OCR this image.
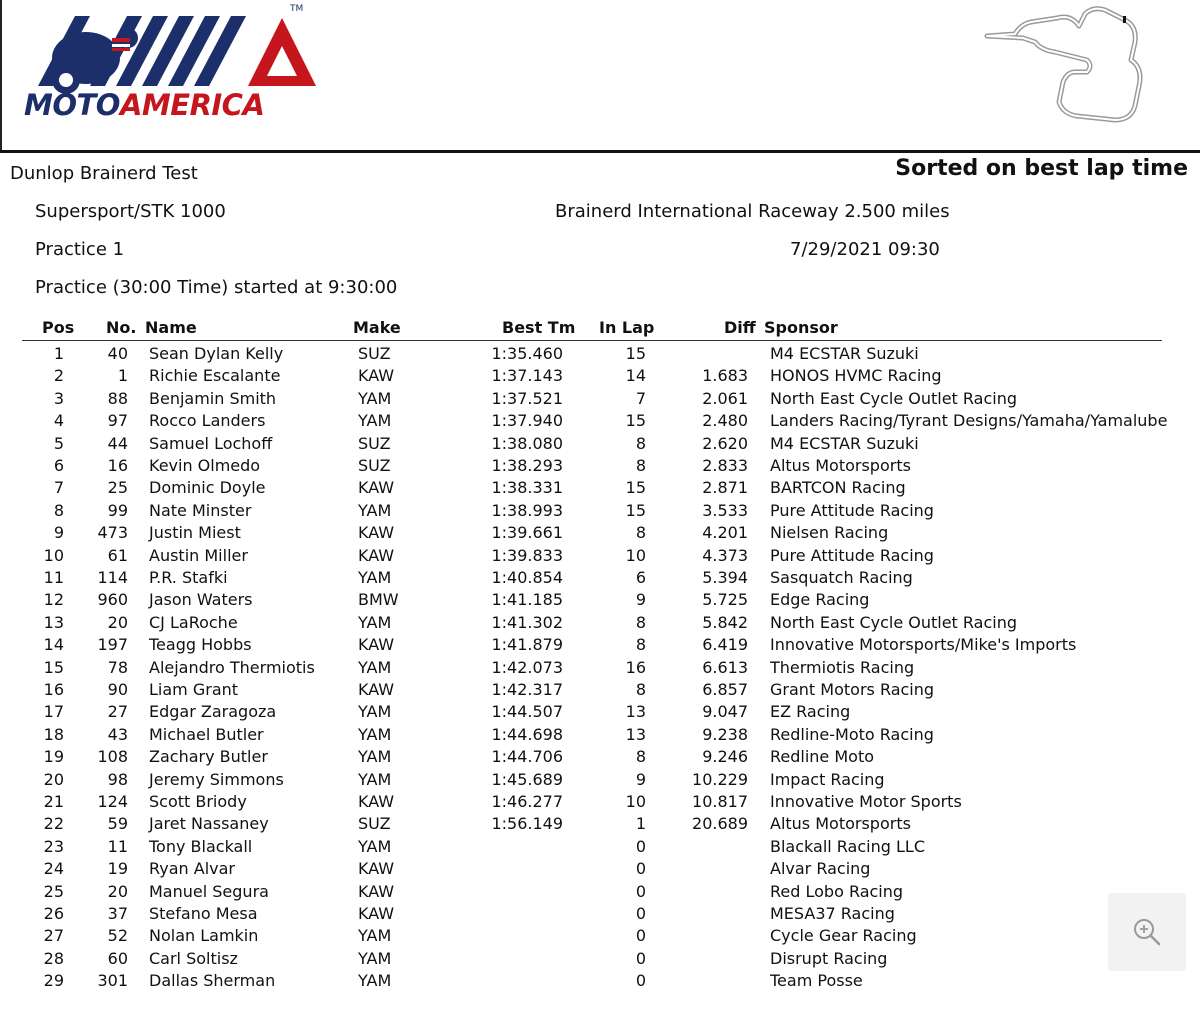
TM
MOTOAMERICA
Dunlop Brainerd Test	Sorted on best lap time
Supersport/STK 1000	Brainerd International Raceway 2.500 miles
Practice 1	7/29/2021 09:30
Practice (30:00 Time) started at 9:30:00
Pos No. Name	Make	Best Tm In Lap	Diff Sponsor
1	40 Sean Dylan Kelly	SUZ	1:35.460	15	M4 ECSTAR Suzuki
2	1 Richie Escalante	KAW	1:37.143	14	1.683 HONOS HVMC Racing
3	88 Benjamin Smith	YAM	1:37.521	7	2.061 North East Cycle Outlet Racing
4	97 Rocco Landers	YAM	1:37.940	15	2.480 Landers Racing/Tyrant Designs/Yamaha/Yamalube
5	44 Samuel Lochoff	SUZ	1:38.080	8	2.620 M4 ECSTAR Suzuki
6	16 Kevin Olmedo	SUZ	1:38.293	8	2.833 Altus Motorsports
7	25 Dominic Doyle	KAW	1:38.331	15	2.871 BARTCON Racing
8	99 Nate Minster	YAM	1:38.993	15	3.533 Pure Attitude Racing
9	473 Justin Miest	KAW	1:39.661	8	4.201 Nielsen Racing
10	61 Austin Miller	KAW	1:39.833	10	4.373 Pure Attitude Racing
11	114 P.R. Stafki	YAM	1:40.854	6	5.394 Sasquatch Racing
12	960 Jason Waters	BMW	1:41.185	9	5.725 Edge Racing
13	20 CJ LaRoche	YAM	1:41.302	8	5.842 North East Cycle Outlet Racing
14	197 Teagg Hobbs	KAW	1:41.879	8	6.419 Innovative Motorsports/Mike's Imports
15	78 Alejandro Thermiotis	YAM	1:42.073	16	6.613 Thermiotis Racing
16	90 Liam Grant	KAW	1:42.317	8	6.857 Grant Motors Racing
17	27 Edgar Zaragoza	YAM	1:44.507	13	9.047 EZ Racing
18	43 Michael Butler	YAM	1:44.698	13	9.238 Redline-Moto Racing
19	108 Zachary Butler	YAM	1:44.706	8	9.246 Redline Moto
20	98 Jeremy Simmons	YAM	1:45.689	9	10.229 Impact Racing
21	124 Scott Briody	KAW	1:46.277	10	10.817 Innovative Motor Sports
22	59 Jaret Nassaney	SUZ	1:56.149	1	20.689 Altus Motorsports
23	11 Tony Blackall	YAM	0	Blackall Racing LLC
24	19 Ryan Alvar	KAW	0	Alvar Racing
25	20 Manuel Segura	KAW	0	Red Lobo Racing
26	37 Stefano Mesa	KAW	0	MESA37 Racing
27	52 Nolan Lamkin	YAM	0	Cycle Gear Racing
28	60 Carl Soltisz	YAM	0	Disrupt Racing
29	301 Dallas Sherman	YAM	0	Team Posse
